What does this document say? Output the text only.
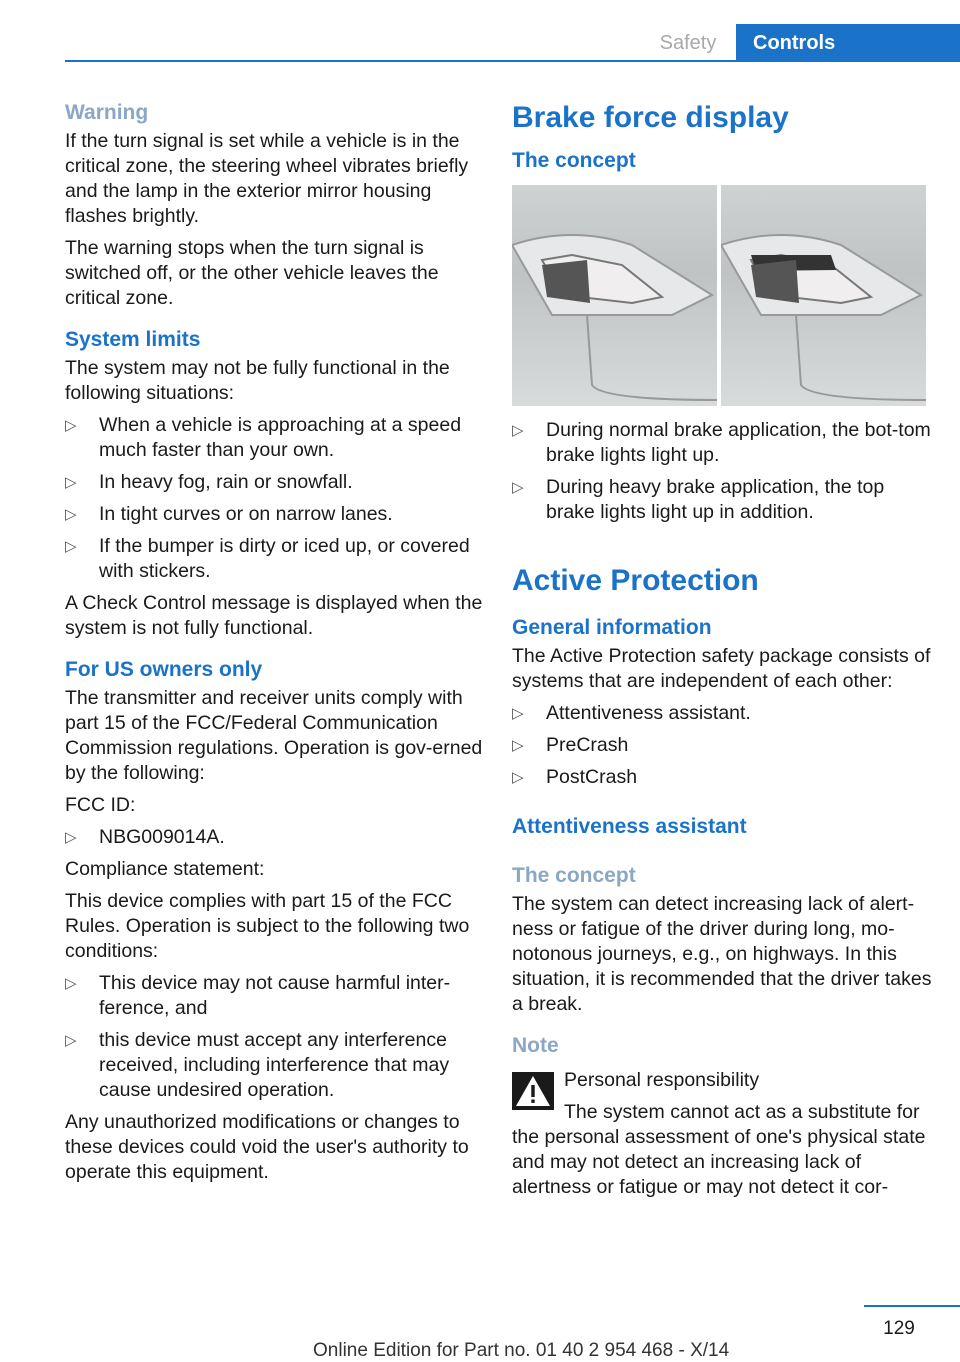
Safety	Controls
Warning

If the turn signal is set while a vehicle is in the critical zone, the steering wheel vibrates briefly and the lamp in the exterior mirror housing flashes brightly.

The warning stops when the turn signal is switched off, or the other vehicle leaves the critical zone.

System limits

The system may not be fully functional in the following situations:

▷ When a vehicle is approaching at a speed much faster than your own.
▷ In heavy fog, rain or snowfall.
▷ In tight curves or on narrow lanes.
▷ If the bumper is dirty or iced up, or covered with stickers.

A Check Control message is displayed when the system is not fully functional.

For US owners only

The transmitter and receiver units comply with part 15 of the FCC/Federal Communication Commission regulations. Operation is gov‐erned by the following:

FCC ID:

▷ NBG009014A.

Compliance statement:

This device complies with part 15 of the FCC Rules. Operation is subject to the following two conditions:

▷ This device may not cause harmful inter‐ference, and
▷ this device must accept any interference received, including interference that may cause undesired operation.

Any unauthorized modifications or changes to these devices could void the user's authority to operate this equipment.

Brake force display
The concept
▷ During normal brake application, the bot‐tom brake lights light up.
▷ During heavy brake application, the top brake lights light up in addition.
Active Protection
General information

The Active Protection safety package consists of systems that are independent of each other:

▷ Attentiveness assistant.
▷ PreCrash
▷ PostCrash
Attentiveness assistant
The concept

The system can detect increasing lack of alert‐ness or fatigue of the driver during long, mo‐notonous journeys, e.g., on highways. In this situation, it is recommended that the driver takes a break.

Note

Personal responsibility

The system cannot act as a substitute for

the personal assessment of one's physical state and may not detect an increasing lack of alertness or fatigue or may not detect it cor‐

129
Online Edition for Part no. 01 40 2 954 468 - X/14
